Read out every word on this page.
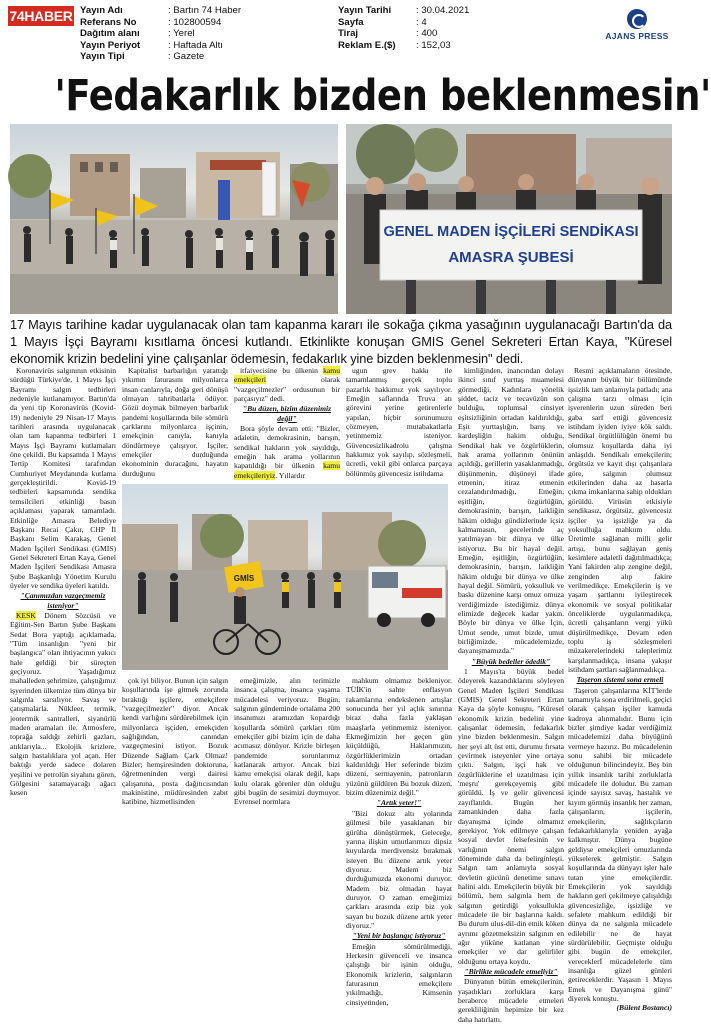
74HABER Yayın Adı	: Bartın 74 Haber
Referans No	: 102800594
Dağıtım alanı	: Yerel
Yayın Periyot	: Haftada Altı
Yayın Tipi	: Gazete
Yayın Tarihi	: 30.04.2021
Sayfa	: 4
Tiraj	: 400
Reklam E.($)	: 152,03
AJANS PRESS
'Fedakarlık bizden beklenmesin'
GENEL MADEN İŞÇİLERİ SENDİKASI
AMASRA ŞUBESİ
17 Mayıs tarihine kadar uygulanacak olan tam kapanma kararı ile sokağa çıkma yasağının uygulanacağı Bartın'da da 1 Mayıs İşçi Bayramı kısıtlama öncesi kutlandı. Etkinlikte konuşan GMIS Genel Sekreteri Ertan Kaya, "Küresel ekonomik krizin bedelini yine çalışanlar ödemesin, fedakarlık yine bizden beklenmesin" dedi.

Koronavirüs salgınının etkisinin sürdüğü Türkiye'de, 1 Mayıs İşçi Bayramı salgın tedbirleri nedeniyle kutlanamıyor. Bartın'da da yeni tip Koronavirüs (Kovid-19) nedeniyle 29 Nisan-17 Mayıs tarihleri arasında uygulanacak olan tam kapanma tedbirleri 1 Mayıs İşçi Bayramı kutlamaları öne çekildi. Bu kapsamda 1 Mayıs Tertip Komitesi tarafından Cumhuriyet Meydanında kutlama gerçekleştirildi. Kovid-19 tedbirleri kapsamında sendika temsilcileri etkinliği basın açıklaması yaparak tamamladı. Etkinliğe Amasra Belediye Başkanı Recai Çakır, CHP İl Başkanı Selim Karakaş, Genel Maden İşçileri Sendikası (GMIS) Genel Sekreteri Ertan Kaya, Genel Maden İşçileri Sendikası Amasra Şube Başkanlığı Yönetim Kurulu üyeler ve sendika üyeleri katıldı.

"Çanımızdan vazgeçmemiz isteniyor"

KESK Dönem Sözcüsü ve Eğitim-Sen Bartın Şube Başkanı Sedat Bora yaptığı açıklamada, "Tüm insanlığın "yeni bir başlangıca" olan ihtiyacının yakıcı hale geldiği bir süreçten geçiyoruz. Yaşadığımız mahalleden şehrimize, çalıştığımız işyerinden ülkemize tüm dünya bir salgınla sarsılıyor. Savaş ve çatışmalarla. Nükleer, termik, jeotermik santralleri, siyanürlü maden aramaları ile. Atmosfere, toprağa saldığı zehirli gazları, atıklarıyla... Ekolojik krizlere, salgın hastalıklara yol açan. Her baktığı yerde sadece dolaren yeşilini ve petrolün siyahını gören, Gölgesini satamayacağı ağacı kesen

Kapitalist barbarlığın yarattığı yıkımın faturasını milyonlarca insan canlarıyla, doğa geri dönüşü olmayan tahribatlarla ödüyor. Gözü doymak bilmeyen barbarlık pandemi koşullarında bile sömürü çarklarını milyonlarca işçinin, emekçinin canıyla, kanıyla döndürmeye çalışıyor. İşçiler, emekçiler durduğunda ekonominin duracağını, hayatın durduğunu

itfaiyecisine bu ülkenin kamu emekçileri olarak "vazgeçilmezler" ordusunun bir parçasıyız" dedi.

"Bu düzen, bizim düzenimiz değil"

Bora şöyle devam etti: "Bizler, adaletin, demokrasinin, barışın, sendikal hakların yok sayıldığı, emeğin hak arama yollarının kapatıldığı bir ülkenin kamu emekçileriyiz. Yıllardır

ugun grev hakkı ile tamamlanmış gerçek toplu pazarlık hakkımız yok sayılıyor. Emeğin saflarında Truva atı görevini yerine getirenlerle yapılan, hiçbir sorunumuzu çözmeyen, mutabakatlarla yetinmemiz isteniyor. Güvencesizlikadrolu çalışma hakkımız yok sayılıp, sözleşmeli, ücretli, vekil gibi onlarca parçaya bölünmüş güvencesiz istihdama

GMİS

çok iyi biliyor. Bunun için salgın koşullarında işe gitmek zorunda bıraktığı işçilere, emekçilere "vazgeçilmezler" diyor. Ancak kendi varlığını sürdürebilmek için milyonlarca işçiden, emekçiden sağlığından, canından vazgeçmesini istiyor. Bozuk Düzende Sağlam Çark Olmaz! Bizler; hemşiresinden doktoruna, öğretmeninden vergi dairesi çalışanına, posta dağıtıcısından makinistine, müdüresinden zabıt katibine, hizmetlisinden

emeğimizle, alın terimizle insanca çalışma, insanca yaşama mücadelesi veriyoruz. Bugün, salgının gündeminde ortalama 200 insanımızı aramızdan kopardığı koşullarda sömürü çarkları tüm emekçiler gibi bizim için de daha acımasız dönüyor. Krizle birleşen pandemide sorunlarımız katlanarak artıyor. Ancak bizi kamu emekçisi olarak değil, kapı kulu olarak görenler dün olduğu gibi bugün de sesimizi duymuyor. Evrensel normlara

mahkum olmamız bekleniyor. TÜİK'in sahte enflasyon rakamlarına endekslenen artışlar sonucunda her yıl açlık sınırına biraz daha fazla yaklaşan maaşlarla yetinmemiz isteniyor. Ekmeğimizin her geçen gün küçüldüğü, Haklarımızın, özgürlüklerimizin ortadan kaldırıldığı Her seferinde bizim düzeni, sermayenin, patronların yüzünü güldüren Bu bozuk düzen, bizim düzenimiz değil."

"Artık yeter!"

"Bizi dokuz altı yolarında gülmesi bile yasaklanan bir gürüha dönüştürmek, Geleceğe, yarına ilişkin umutlarımızı dipsiz kuyularda merdivensiz bırakmak isteyen Bu düzene artık yeter diyoruz. Madem biz durduğumuzda ekonomi duruyor. Madem biz olmadan hayat duruyor. O zaman emeğimizi çarkları arasında ezip biz yok sayan bu bozuk düzene artık yeter diyoruz."

"Yeni bir başlangıç istiyoruz"

Emeğin sömürülmediği, Herkesin güvenceli ve insanca çalıştığı bir işinin olduğu, Ekonomik krizlerin, salgınların faturasının emekçilere yıkılmadığı, Kimsenin cinsiyetinden,

kimliğinden, inancından dolayı ikinci sınıf yurttaş muamelesi görmediği, Kadınlara yönelik şiddet, taciz ve tecavüzün son bulduğu, toplumsal cinsiyet eşitsizliğinin ortadan kaldırıldığı, Eşit yurttaşlığın, barış ve kardeşliğin hakim olduğu, Sendikal hak ve özgürlüklerin, hak arama yollarının önünün açıldığı, gerillerin yasaklanmadığı, düşünmenin, düşüneyi ifade etmenin, itiraz etmenin cezalandırılmadığı, Emeğin, eşitliğin, özgürlüğün, demokrasinin, barışın, laikliğin hâkim olduğu gündizlerinde içsiz kalmamasın, gecelerinde aç yatılmayan bir dünya ve ülke istiyoruz. Bu bir hayal değil. Emeğin, eşitliğin, özgürlüğün, demokrasinin, barışın, laikliğin hâkim olduğu bir dünya ve ülke hayal değil. Sömürü, yoksulluk ve baskı düzenine karşı omuz omuza verdiğimizde istediğimiz dünya elimizde değecek kadar yakın. Böyle bir dünya ve ülke İçin, Umut sende, umut bizde, umut birliğimizde, mücadelemizde, dayanışmamızda."

"Büyük bedeller ödedik"

1 Mayıs'ta büyük bedel ödeyerek kazandıklarını söyleyen Genel Maden İşçileri Sendikası (GMIS) Genel Sekreteri Ertan Kaya da şöyle konuştu, "Küresel ekonomik krizin bedelini yine çalışanlar ödemesin, fedakarlık yine bizden beklenmesin. Salgın her şeyi alt üst etti, durumu fırsata çevirmek isteyenler yine ortaya çıktı. Salgın, işçi hak ve özgürlüklerine el uzatılması için 'meşru' gerekçeyemiş gibi görüldü. İş ve gelir güvencesi zayıflatıldı. Bugün her zamankinden daha fazla dayanışma içinde olmamız gerekiyor. Yok edilmeye çalışan sosyal devlet felsefesinin ve varlığının önemi salgın döneminde daha da belirginleşti. Salgın tam anlamıyla sosyal devletin gücünü denetime sınavı halini aldı. Emekçilerin büyük bir bölümü, hem salgınla hem de salgının getirdiği yoksullukla mücadele ile bir başlarına kaldı. Bu durum ulus-dil-din etnik köken ayrımı gözetmeksizin salgının en ağır yüküne katlanan yine emekçiler ve dar gelirliler olduğunu ortaya koydu.

"Birlikte mücadele etmeliyiz"

Dünyanın bütün emekçilerinin, yaşadıkları zorluklara karşı beraberce mücadele etmeleri gerekliliğinin hepimize bir kez daha hatırlattı.

Resmi açıklamaların ötesinde, dünyanın büyük bir bölümünde işsizlik tam anlamıyla patladı; ana çalışma tarzı olması için işverenlerin uzun süreden beri gaba sarf ettiği güvencesiz istihdam iyiden iyiye kök saldı. Sendikal örgütlülüğün önemi bu olumsuz koşullarda daha iyi anlaşıldı. Sendikalı emekçilerin; örgütsüz ve kayıt dışı çalışanlara göre, salgının olumsuz etkilerinden daha az hasarla çıkma imkanlarına sahip oldukları görüldü. Virüsün etkisiyle sendikasız, örgütsüz, güvencesiz işçiler ya işsizliğe ya da yoksulluğa mahkum oldu. Üretimle sağlanan milli gelir artışı, bunu sağlayan geniş kesimlere adaletli dağıtılmadıkça; Yani fakirden alıp zengine değil, zenginden alıp fakire verilmedikçe. Emekçilerin iş ve yaşam şartlarını iyileştirecek ekonomik ve sosyal politikalar önceliklerde uygulanmadıkça, ücretli çalışanların vergi yükü düşürülmedikçe. Devam eden toplu iş sözleşmeleri müzakerelerindeki taleplerimiz karşılanmadıkça, insana yakışır istihdam şartları sağlanmadıkça.

Taşeron sistemi sona ermeli

Taşeron çalışanlarına KİT'lerde tamamıyla sona erdirilmeli, geçici olarak çalışan işçiler kamuda kadroya alınmalıdır. Bunu için bizler şimdiye kadar verdiğimiz mücadelemizi daha büyüğünü vermeye hazırız. Bu mücadelenin sonu sahibi bir mücadele olduğunun bilincindeyiz. Beş bin yıllık insanlık tarihi zorluklarla mücadele ile doludur. Bu zaman içinde sayısız savaş, hastalık ve kıyım görmüş insanlık her zaman, çalışanların, işçilerin, emekçilerin, sağlıkçıların fedakarlıklarıyla yeniden ayağa kalkmıştır. Dünya bugüne geldiyse emekçileri omuzlarında yükselerek gelmiştir. Salgın koşullarında da dünyayı işler hale tutan yine emekçilerdir. Emekçilerin yok sayıldığı hakların geri çekilmeye çalışıldığı güvencesizliğe, işsizliğe ve sefalete mahkum edildiği bir dünya da ne salgınla mücadele edilebilir ne de hayat sürdürülebilir. Geçmişte olduğu gibi bugün de emekçiler, vereceklerİ mücadelelerle tüm insanlığa güzel günleri getireceklerdir. Yaşasın 1 Mayıs Emek ve Dayanışma günü" diyerek konuştu.

(Bülent Bostancı)
